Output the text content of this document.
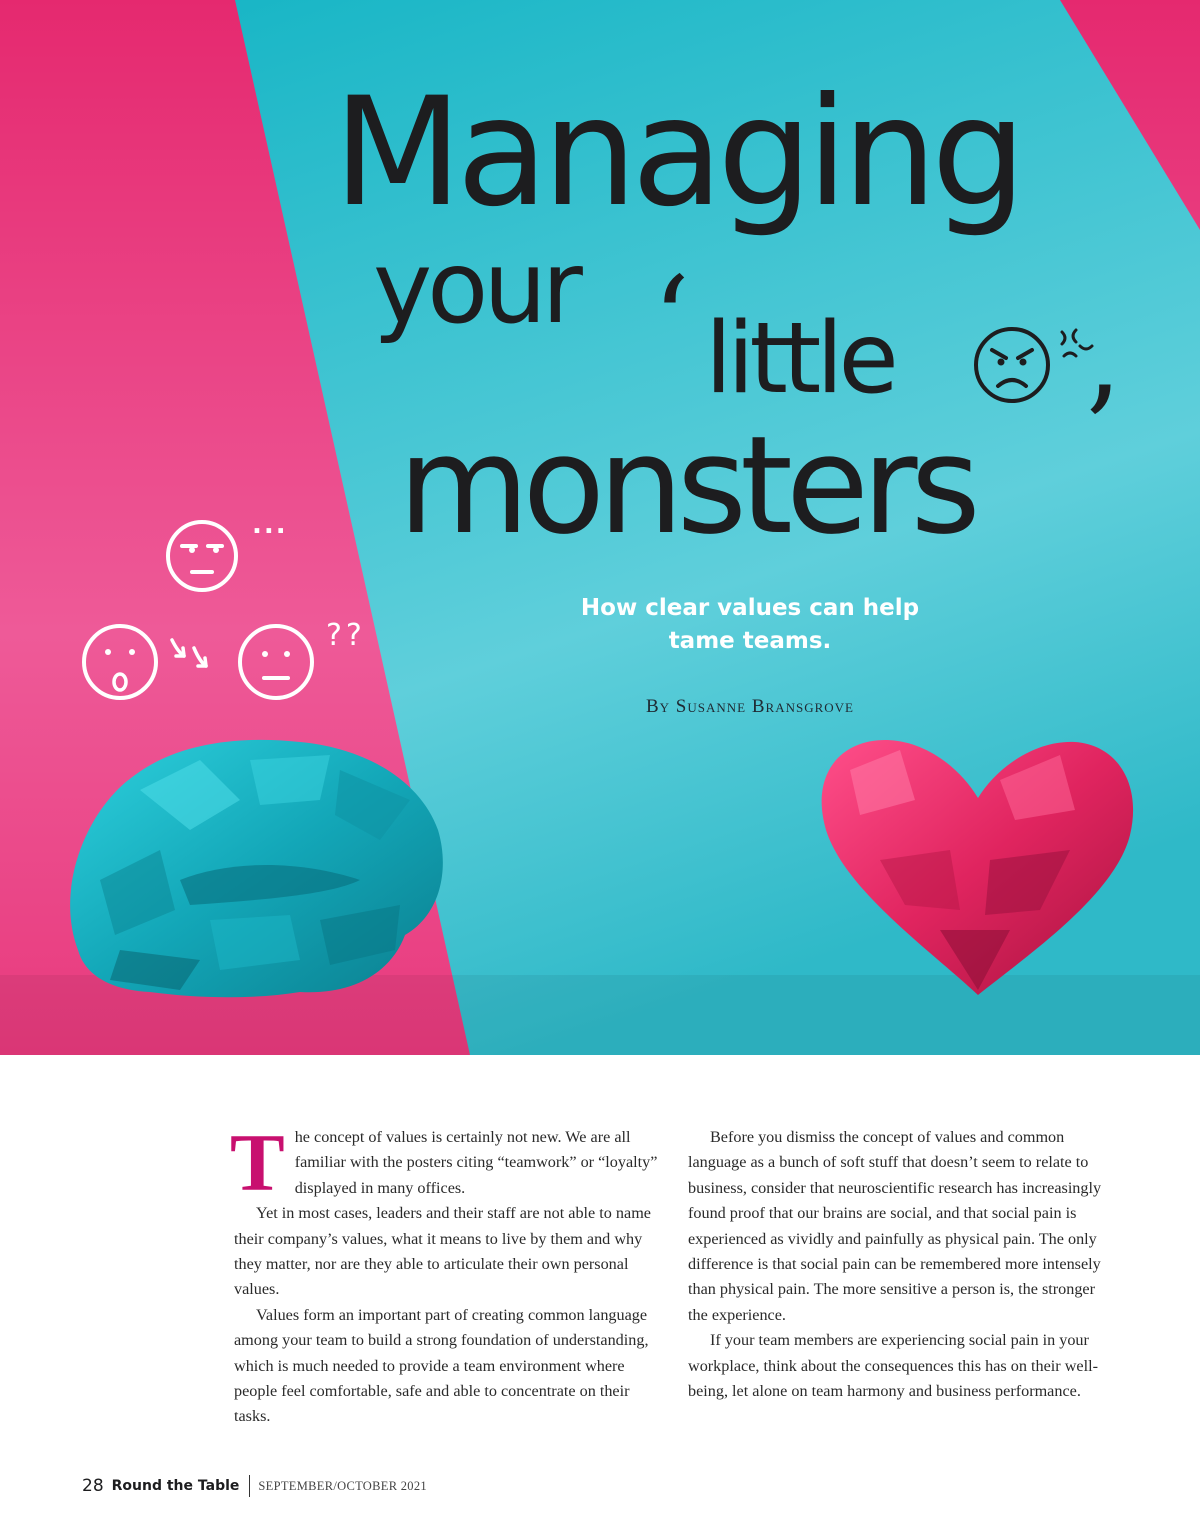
Managing
your ‘ little
monsters ’
...
??
How clear values can help tame teams.
By Susanne Bransgrove

The concept of values is certainly not new. We are all familiar with the posters citing “teamwork” or “loyalty” displayed in many offices.

Yet in most cases, leaders and their staff are not able to name their company’s values, what it means to live by them and why they matter, nor are they able to articulate their own personal values.

Values form an important part of creating common language among your team to build a strong foundation of understanding, which is much needed to provide a team environment where people feel comfortable, safe and able to concentrate on their tasks.

Before you dismiss the concept of values and common language as a bunch of soft stuff that doesn’t seem to relate to business, consider that neuroscientific research has increasingly found proof that our brains are social, and that social pain is experienced as vividly and painfully as physical pain. The only difference is that social pain can be remembered more intensely than physical pain. The more sensitive a person is, the stronger the experience.

If your team members are experiencing social pain in your workplace, think about the consequences this has on their well-being, let alone on team harmony and business performance.

28 Round the Table SEPTEMBER/OCTOBER 2021
